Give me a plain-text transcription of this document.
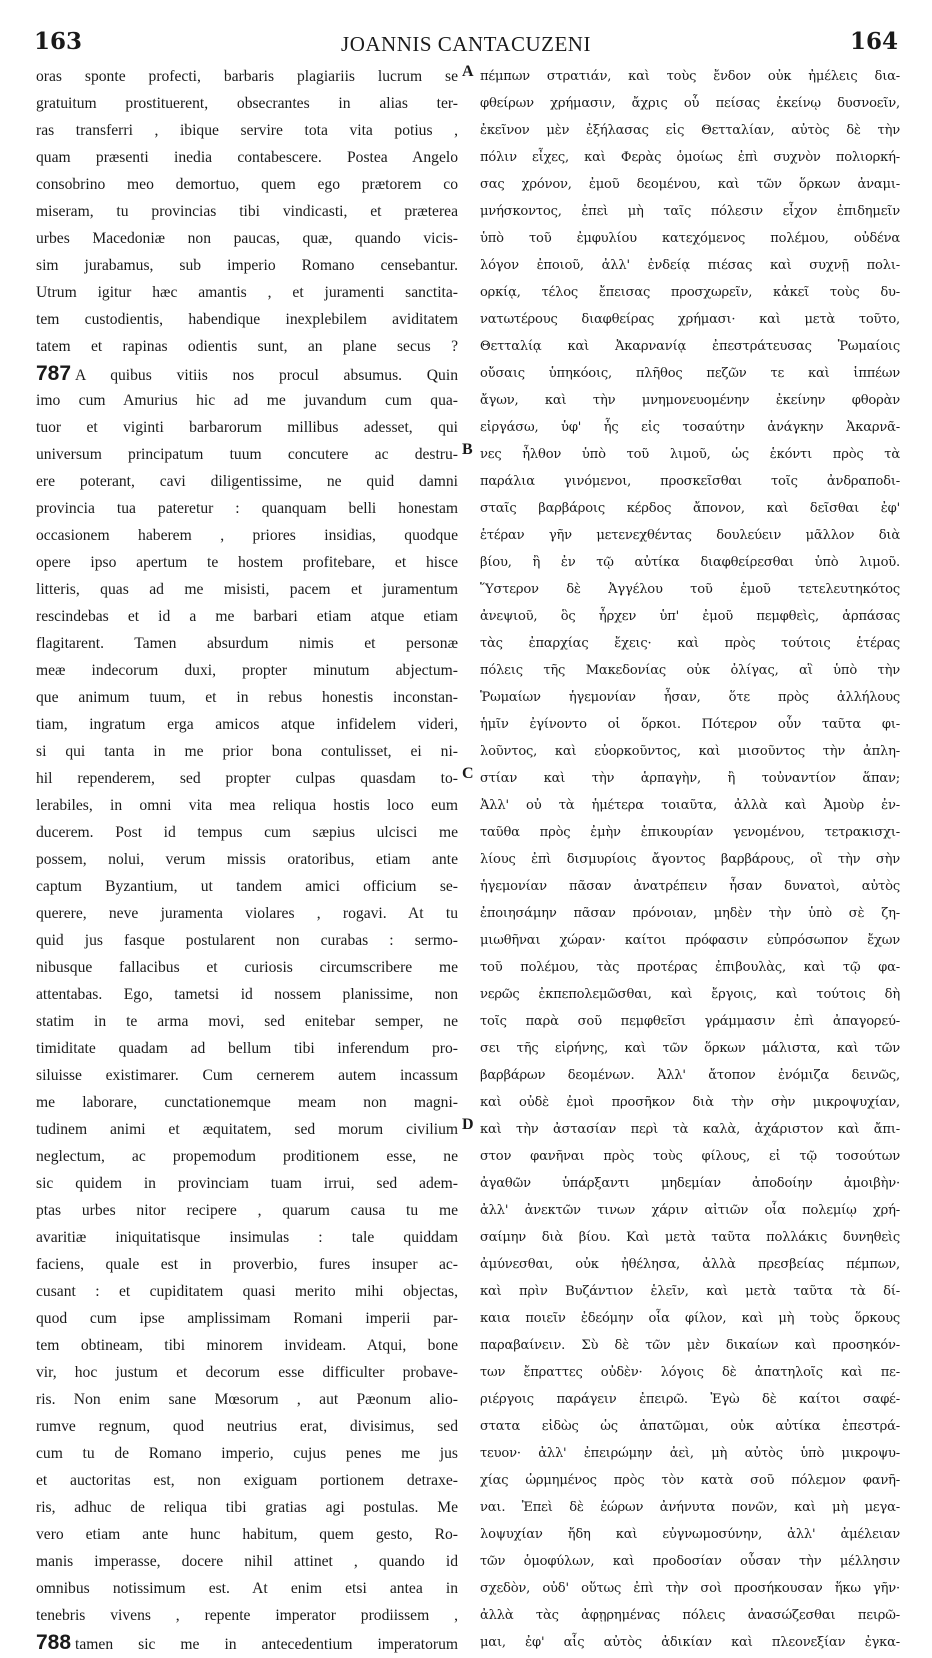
163	JOANNIS CANTACUZENI	164
oras sponte profecti, barbaris plagiariis lucrum se
gratuitum prostituerent, obsecrantes in alias ter-
ras transferri , ibique servire tota vita potius ,
quam præsenti inedia contabescere. Postea Angelo
consobrino meo demortuo, quem ego prætorem co
miseram, tu provincias tibi vindicasti, et præterea
urbes Macedoniæ non paucas, quæ, quando vicis-
sim jurabamus, sub imperio Romano censebantur.
Utrum igitur hæc amantis , et juramenti sanctita-
tem custodientis, habendique inexplebilem aviditatem
tatem et rapinas odientis sunt, an plane secus ?
787 A quibus vitiis nos procul absumus. Quin
imo cum Amurius hic ad me juvandum cum qua-
tuor et viginti barbarorum millibus adesset, qui
universum principatum tuum concutere ac destru-
ere poterant, cavi diligentissime, ne quid damni
provincia tua pateretur : quanquam belli honestam
occasionem haberem , priores insidias, quodque
opere ipso apertum te hostem profitebare, et hisce
litteris, quas ad me misisti, pacem et juramentum
rescindebas et id a me barbari etiam atque etiam
flagitarent. Tamen absurdum nimis et personæ
meæ indecorum duxi, propter minutum abjectum-
que animum tuum, et in rebus honestis inconstan-
tiam, ingratum erga amicos atque infidelem videri,
si qui tanta in me prior bona contulisset, ei ni-
hil rependerem, sed propter culpas quasdam to-
lerabiles, in omni vita mea reliqua hostis loco eum
ducerem. Post id tempus cum sæpius ulcisci me
possem, nolui, verum missis oratoribus, etiam ante
captum Byzantium, ut tandem amici officium se-
querere, neve juramenta violares , rogavi. At tu
quid jus fasque postularent non curabas : sermo-
nibusque fallacibus et curiosis circumscribere me
attentabas. Ego, tametsi id nossem planissime, non
statim in te arma movi, sed enitebar semper, ne
timiditate quadam ad bellum tibi inferendum pro-
siluisse existimarer. Cum cernerem autem incassum
me laborare, cunctationemque meam non magni-
tudinem animi et æquitatem, sed morum civilium
neglectum, ac propemodum proditionem esse, ne
sic quidem in provinciam tuam irrui, sed adem-
ptas urbes nitor recipere , quarum causa tu me
avaritiæ iniquitatisque insimulas : tale quiddam
faciens, quale est in proverbio, fures insuper ac-
cusant : et cupiditatem quasi merito mihi objectas,
quod cum ipse amplissimam Romani imperii par-
tem obtineam, tibi minorem invideam. Atqui, bone
vir, hoc justum et decorum esse difficulter probave-
ris. Non enim sane Mœsorum , aut Pæonum alio-
rumve regnum, quod neutrius erat, divisimus, sed
cum tu de Romano imperio, cujus penes me jus
et auctoritas est, non exiguam portionem detraxe-
ris, adhuc de reliqua tibi gratias agi postulas. Me
vero etiam ante hunc habitum, quem gesto, Ro-
manis imperasse, docere nihil attinet , quando id
omnibus notissimum est. At enim etsi antea in
tenebris vivens , repente imperator prodiissem ,
788 tamen sic me in antecedentium imperatorum
A
B
C
D
πέμπων στρατιάν, καὶ τοὺς ἔνδον οὐκ ἠμέλεις δια-
φθείρων χρήμασιν, ἄχρις οὗ πείσας ἐκείνῳ δυσνοεῖν,
ἐκεῖνον μὲν ἐξήλασας εἰς Θετταλίαν, αὐτὸς δὲ τὴν
πόλιν εἶχες, καὶ Φερὰς ὁμοίως ἐπὶ συχνὸν πολιορκή-
σας χρόνον, ἐμοῦ δεομένου, καὶ τῶν ὅρκων ἀναμι-
μνήσκοντος, ἐπεὶ μὴ ταῖς πόλεσιν εἶχον ἐπιδημεῖν
ὑπὸ τοῦ ἐμφυλίου κατεχόμενος πολέμου, οὐδένα
λόγον ἐποιοῦ, ἀλλ' ἐνδείᾳ πιέσας καὶ συχνῇ πολι-
ορκίᾳ, τέλος ἔπεισας προσχωρεῖν, κἀκεῖ τοὺς δυ-
νατωτέρους διαφθείρας χρήμασι· καὶ μετὰ τοῦτο,
Θετταλίᾳ καὶ Ἀκαρνανίᾳ ἐπεστράτευσας Ῥωμαίοις
οὔσαις ὑπηκόοις, πλῆθος πεζῶν τε καὶ ἱππέων
ἄγων, καὶ τὴν μνημονευομένην ἐκείνην φθορὰν
εἰργάσω, ὑφ' ἧς εἰς τοσαύτην ἀνάγκην Ἀκαρνᾶ-
νες ἦλθον ὑπὸ τοῦ λιμοῦ, ὡς ἑκόντι πρὸς τὰ
παράλια γινόμενοι, προσκεῖσθαι τοῖς ἀνδραποδι-
σταῖς βαρβάροις κέρδος ἄπονον, καὶ δεῖσθαι ἐφ'
ἑτέραν γῆν μετενεχθέντας δουλεύειν μᾶλλον διὰ
βίου, ἢ ἐν τῷ αὐτίκα διαφθείρεσθαι ὑπὸ λιμοῦ.
Ὕστερον δὲ Ἀγγέλου τοῦ ἐμοῦ τετελευτηκότος
ἀνεψιοῦ, ὃς ἦρχεν ὑπ' ἐμοῦ πεμφθεὶς, ἁρπάσας
τὰς ἐπαρχίας ἔχεις· καὶ πρὸς τούτοις ἑτέρας
πόλεις τῆς Μακεδονίας οὐκ ὀλίγας, αἳ ὑπὸ τὴν
Ῥωμαίων ἡγεμονίαν ἦσαν, ὅτε πρὸς ἀλλήλους
ἡμῖν ἐγίνοντο οἱ ὅρκοι. Πότερον οὖν ταῦτα φι-
λοῦντος, καὶ εὐορκοῦντος, καὶ μισοῦντος τὴν ἀπλη-
στίαν καὶ τὴν ἁρπαγὴν, ἢ τοὐναντίον ἅπαν;
Ἀλλ' οὐ τὰ ἡμέτερα τοιαῦτα, ἀλλὰ καὶ Ἀμοὺρ ἐν-
ταῦθα πρὸς ἐμὴν ἐπικουρίαν γενομένου, τετρακισχι-
λίους ἐπὶ δισμυρίοις ἄγοντος βαρβάρους, οἳ τὴν σὴν
ἡγεμονίαν πᾶσαν ἀνατρέπειν ἦσαν δυνατοὶ, αὐτὸς
ἐποιησάμην πᾶσαν πρόνοιαν, μηδὲν τὴν ὑπὸ σὲ ζη-
μιωθῆναι χώραν· καίτοι πρόφασιν εὐπρόσωπον ἔχων
τοῦ πολέμου, τὰς προτέρας ἐπιβουλὰς, καὶ τῷ φα-
νερῶς ἐκπεπολεμῶσθαι, καὶ ἔργοις, καὶ τούτοις δὴ
τοῖς παρὰ σοῦ πεμφθεῖσι γράμμασιν ἐπὶ ἀπαγορεύ-
σει τῆς εἰρήνης, καὶ τῶν ὅρκων μάλιστα, καὶ τῶν
βαρβάρων δεομένων. Ἀλλ' ἄτοπον ἐνόμιζα δεινῶς,
καὶ οὐδὲ ἐμοὶ προσῆκον διὰ τὴν σὴν μικροψυχίαν,
καὶ τὴν ἀστασίαν περὶ τὰ καλὰ, ἀχάριστον καὶ ἄπι-
στον φανῆναι πρὸς τοὺς φίλους, εἰ τῷ τοσούτων
ἀγαθῶν ὑπάρξαντι μηδεμίαν ἀποδοίην ἀμοιβὴν·
ἀλλ' ἀνεκτῶν τινων χάριν αἰτιῶν οἷα πολεμίῳ χρή-
σαίμην διὰ βίου. Καὶ μετὰ ταῦτα πολλάκις δυνηθεὶς
ἀμύνεσθαι, οὐκ ἠθέλησα, ἀλλὰ πρεσβείας πέμπων,
καὶ πρὶν Βυζάντιον ἑλεῖν, καὶ μετὰ ταῦτα τὰ δί-
καια ποιεῖν ἐδεόμην οἷα φίλον, καὶ μὴ τοὺς ὅρκους
παραβαίνειν. Σὺ δὲ τῶν μὲν δικαίων καὶ προσηκόν-
των ἔπραττες οὐδὲν· λόγοις δὲ ἀπατηλοῖς καὶ πε-
ριέργοις παράγειν ἐπειρῶ. Ἐγὼ δὲ καίτοι σαφέ-
στατα εἰδὼς ὡς ἀπατῶμαι, οὐκ αὐτίκα ἐπεστρά-
τευον· ἀλλ' ἐπειρώμην ἀεὶ, μὴ αὐτὸς ὑπὸ μικροψυ-
χίας ὡρμημένος πρὸς τὸν κατὰ σοῦ πόλεμον φανῆ-
ναι. Ἐπεὶ δὲ ἑώρων ἀνήνυτα πονῶν, καὶ μὴ μεγα-
λοψυχίαν ἤδη καὶ εὐγνωμοσύνην, ἀλλ' ἀμέλειαν
τῶν ὁμοφύλων, καὶ προδοσίαν οὖσαν τὴν μέλλησιν
σχεδὸν, οὐδ' οὕτως ἐπὶ τὴν σοὶ προσήκουσαν ἥκω γῆν·
ἀλλὰ τὰς ἀφῃρημένας πόλεις ἀνασώζεσθαι πειρῶ-
μαι, ἐφ' αἷς αὐτὸς ἀδικίαν καὶ πλεονεξίαν ἐγκα-
